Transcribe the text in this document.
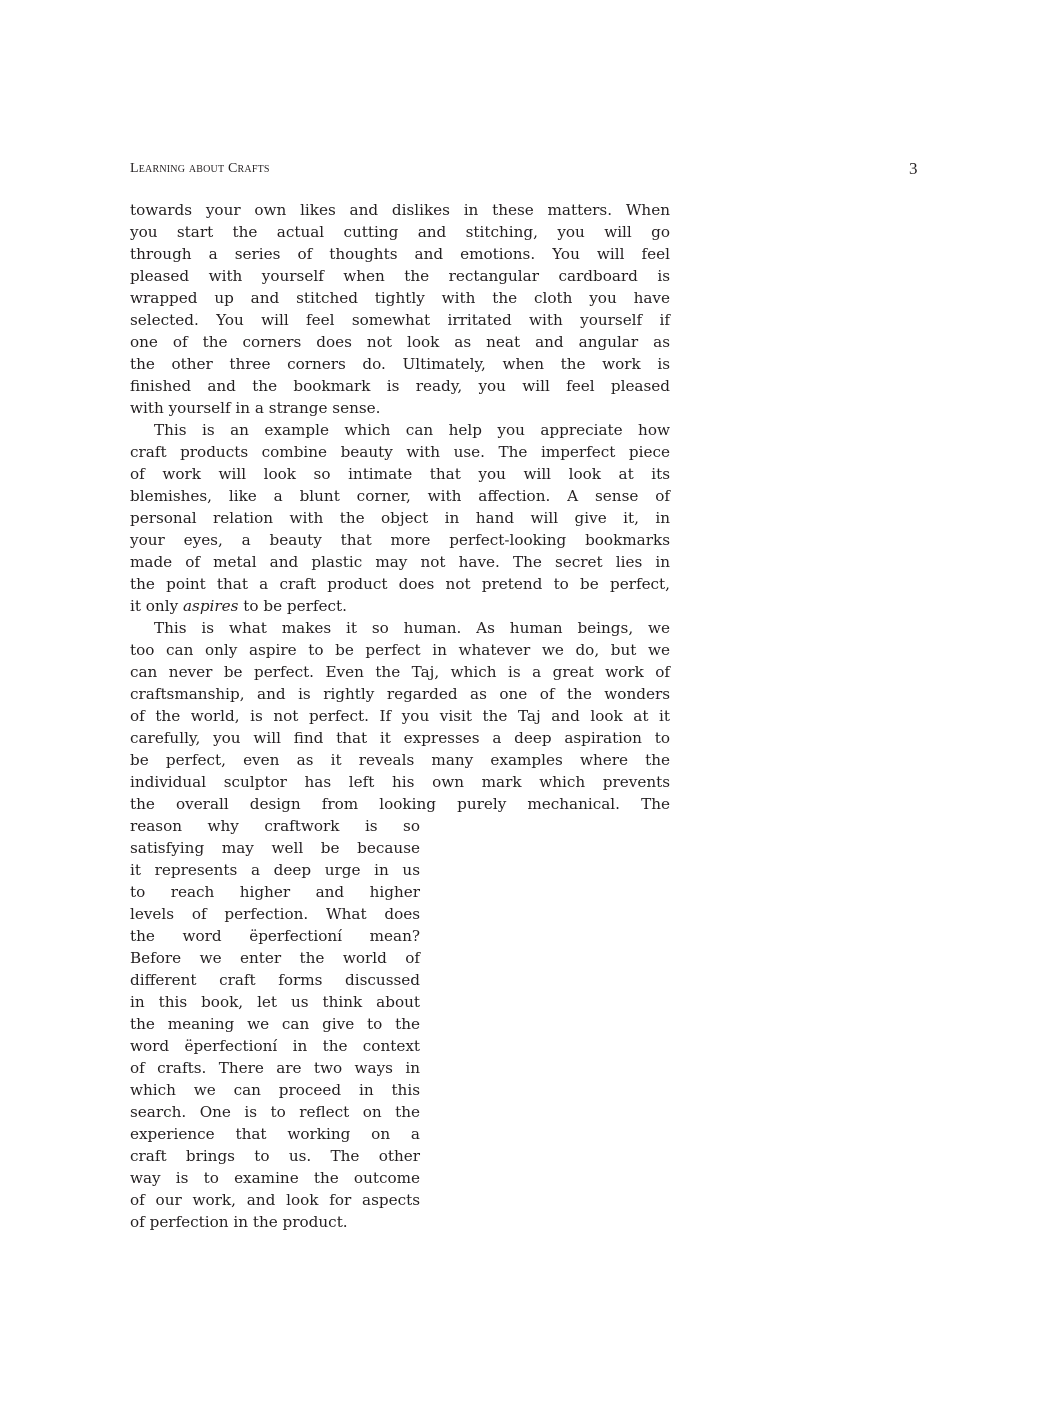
Learning about Crafts	3
towards your own likes and dislikes in these matters. When
you start the actual cutting and stitching, you will go
through a series of thoughts and emotions. You will feel
pleased with yourself when the rectangular cardboard is
wrapped up and stitched tightly with the cloth you have
selected. You will feel somewhat irritated with yourself if
one of the corners does not look as neat and angular as
the other three corners do. Ultimately, when the work is
finished and the bookmark is ready, you will feel pleased
with yourself in a strange sense.
This is an example which can help you appreciate how
craft products combine beauty with use. The imperfect piece
of work will look so intimate that you will look at its
blemishes, like a blunt corner, with affection. A sense of
personal relation with the object in hand will give it, in
your eyes, a beauty that more perfect-looking bookmarks
made of metal and plastic may not have. The secret lies in
the point that a craft product does not pretend to be perfect,
it only aspires to be perfect.
This is what makes it so human. As human beings, we
too can only aspire to be perfect in whatever we do, but we
can never be perfect. Even the Taj, which is a great work of
craftsmanship, and is rightly regarded as one of the wonders
of the world, is not perfect. If you visit the Taj and look at it
carefully, you will find that it expresses a deep aspiration to
be perfect, even as it reveals many examples where the
individual sculptor has left his own mark which prevents
the overall design from looking purely mechanical. The
reason why craftwork is so
satisfying may well be because
it represents a deep urge in us
to reach higher and higher
levels of perfection. What does
the word ëperfectioní mean?
Before we enter the world of
different craft forms discussed
in this book, let us think about
the meaning we can give to the
word ëperfectioní in the context
of crafts. There are two ways in
which we can proceed in this
search. One is to reflect on the
experience that working on a
craft brings to us. The other
way is to examine the outcome
of our work, and look for aspects
of perfection in the product.
